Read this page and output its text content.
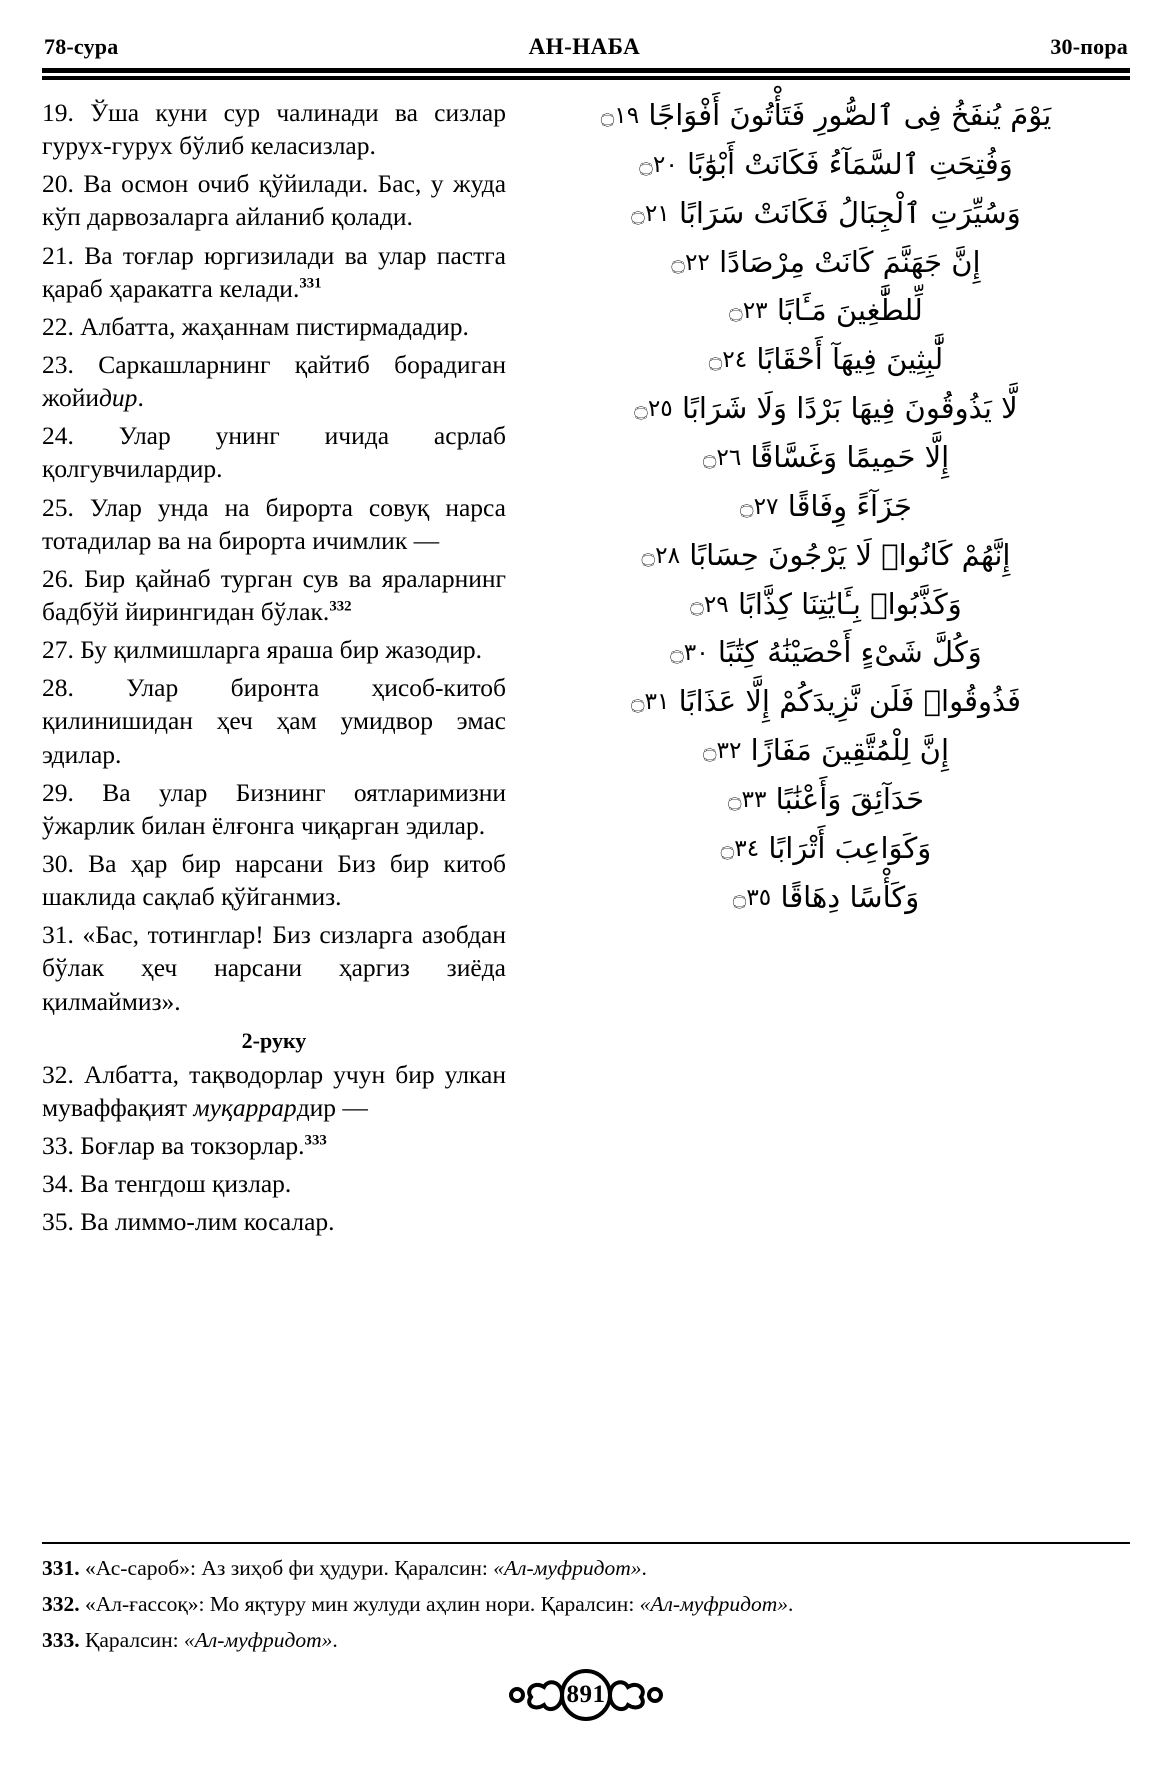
78-сура	АН-НАБА	30-пора

19. Ўша куни сур чалинади ва сизлар гурух-гурух бўлиб келасизлар.

20. Ва осмон очиб қўйилади. Бас, у жуда кўп дарвозаларга айланиб қолади.

21. Ва тоғлар юргизилади ва улар пастга қараб ҳаракатга келади.$^{331}$

22. Албатта, жаҳаннам пистирмададир.

23. Саркашларнинг қайтиб борадиган жойидир.

24. Улар унинг ичида асрлаб қолгувчилардир.

25. Улар унда на бирорта совуқ нарса тотадилар ва на бирорта ичимлик —

26. Бир қайнаб турган сув ва яраларнинг бадбўй йирингидан бўлак.$^{332}$

27. Бу қилмишларга яраша бир жазодир.

28. Улар биронта ҳисоб-китоб қилинишидан ҳеч ҳам умидвор эмас эдилар.

29. Ва улар Бизнинг оятларимизни ўжарлик билан ёлғонга чиқарган эдилар.

30. Ва ҳар бир нарсани Биз бир китоб шаклида сақлаб қўйганмиз.

31. «Бас, тотинглар! Биз сизларга азобдан бўлак ҳеч нарсани ҳаргиз зиёда қилмаймиз».

2-руку

32. Албатта, тақводорлар учун бир улкан муваффақият муқаррардир —

33. Боғлар ва токзорлар.$^{333}$

34. Ва тенгдош қизлар.

35. Ва лиммо-лим косалар.

يَوْمَ يُنفَخُ فِى ٱلصُّورِ فَتَأْتُونَ أَفْوَاجًا ۝١٩

وَفُتِحَتِ ٱلسَّمَآءُ فَكَانَتْ أَبْوَٰبًا ۝٢٠

وَسُيِّرَتِ ٱلْجِبَالُ فَكَانَتْ سَرَابًا ۝٢١

إِنَّ جَهَنَّمَ كَانَتْ مِرْصَادًا ۝٢٢

لِّلطَّٰغِينَ مَـَٔابًا ۝٢٣

لَّٰبِثِينَ فِيهَآ أَحْقَابًا ۝٢٤

لَّا يَذُوقُونَ فِيهَا بَرْدًا وَلَا شَرَابًا ۝٢٥

إِلَّا حَمِيمًا وَغَسَّاقًا ۝٢٦

جَزَآءً وِفَاقًا ۝٢٧

إِنَّهُمْ كَانُوا۟ لَا يَرْجُونَ حِسَابًا ۝٢٨

وَكَذَّبُوا۟ بِـَٔايَٰتِنَا كِذَّابًا ۝٢٩

وَكُلَّ شَىْءٍ أَحْصَيْنَٰهُ كِتَٰبًا ۝٣٠

فَذُوقُوا۟ فَلَن نَّزِيدَكُمْ إِلَّا عَذَابًا ۝٣١

إِنَّ لِلْمُتَّقِينَ مَفَازًا ۝٣٢

حَدَآئِقَ وَأَعْنَٰبًا ۝٣٣

وَكَوَاعِبَ أَتْرَابًا ۝٣٤

وَكَأْسًا دِهَاقًا ۝٣٥

331. «Ас-сароб»: Аз зиҳоб фи ҳудури. Қаралсин: «Ал-муфридот».

332. «Ал-ғассоқ»: Мо яқтуру мин жулуди аҳлин нори. Қаралсин: «Ал-муфридот».

333. Қаралсин: «Ал-муфридот».

891
